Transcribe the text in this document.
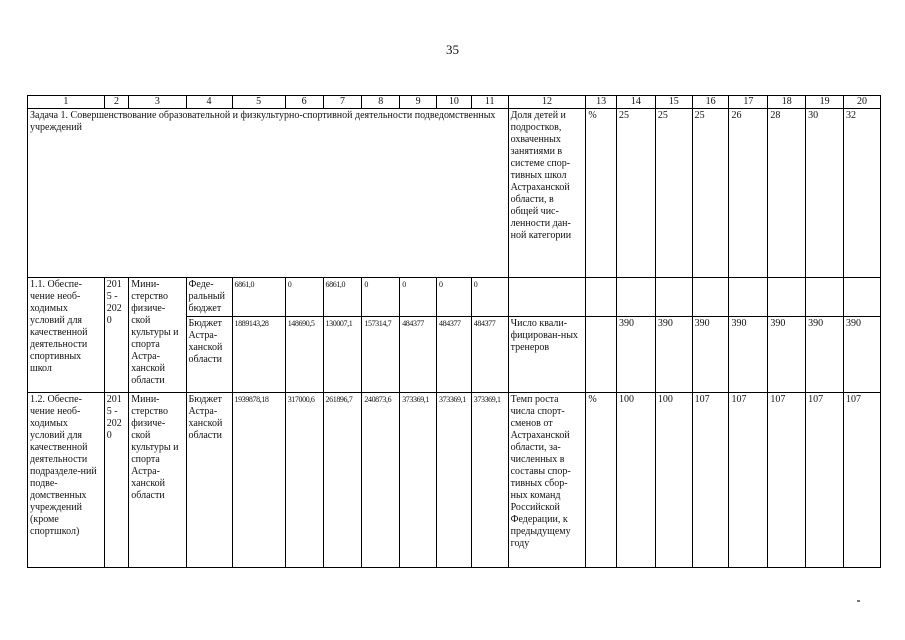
35
1	2	3	4	5	6	7	8	9	10	11	12	13	14	15	16	17	18	19	20
Задача 1. Совершенствование образовательной и физкультурно-спортивной деятельности подведомственных учреждений											Доля детей и подростков, охваченных занятиями в системе спор-тивных школ Астраханской области, в общей чис-ленности дан-ной категории	%	25	25	25	26	28	30	32
1.1. Обеспе-чение необ-ходимых условий для качественной деятельности спортивных школ	2015 - 2020	Мини-стерство физиче-ской культуры и спорта Астра-ханской области	Феде-ральный бюджет	6861,0	0	6861,0	0	0	0	0									
			Бюджет Астра-ханской области	1889143,28	148690,5	130007,1	157314,7	484377	484377	484377	Число квали-фицирован-ных тренеров		390	390	390	390	390	390	390
1.2. Обеспе-чение необ-ходимых условий для качественной деятельности подразделе-ний подве-домственных учреждений (кроме спортшкол)	2015 - 2020	Мини-стерство физиче-ской культуры и спорта Астра-ханской области	Бюджет Астра-ханской области	1939878,18	317000,6	261896,7	240873,6	373369,1	373369,1	373369,1	Темп роста числа спорт-сменов от Астраханской области, за-численных в составы спор-тивных сбор-ных команд Российской Федерации, к предыдущему году	%	100	100	107	107	107	107	107
